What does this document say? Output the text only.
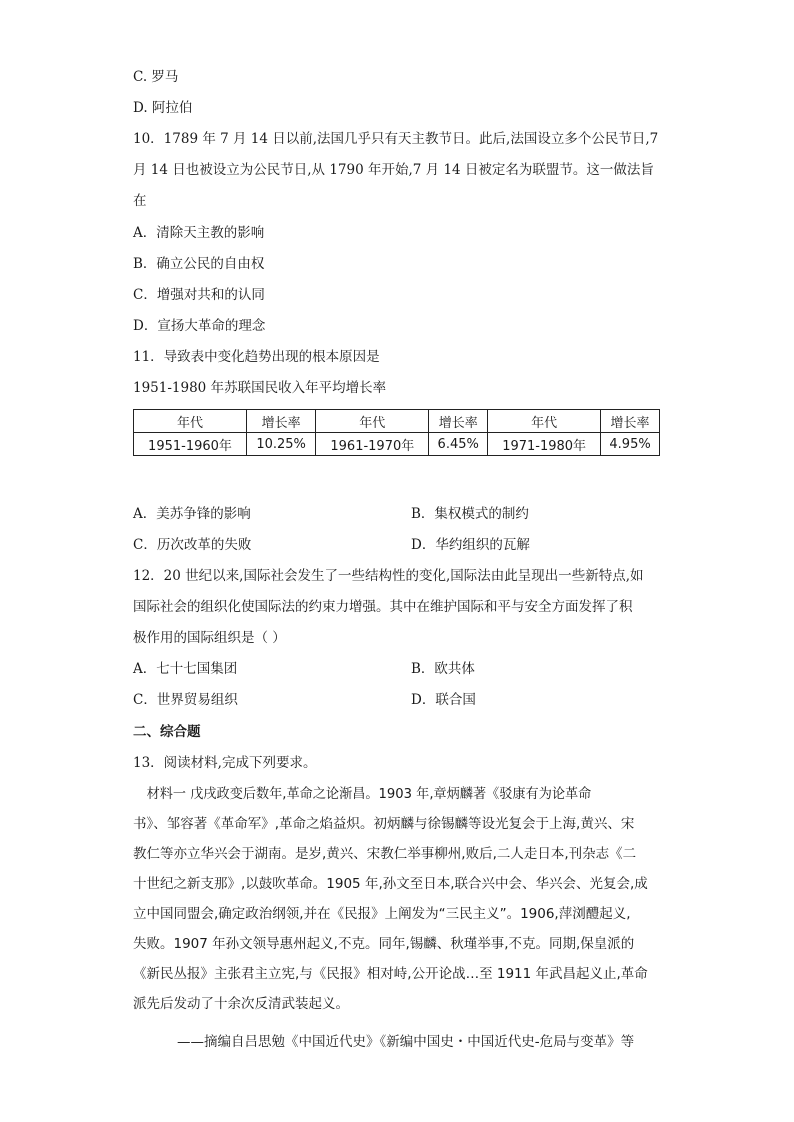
C. 罗马
D. 阿拉伯
10．1789 年 7 月 14 日以前,法国几乎只有天主教节日。此后,法国设立多个公民节日,7
月 14 日也被设立为公民节日,从 1790 年开始,7 月 14 日被定名为联盟节。这一做法旨
在
A．清除天主教的影响
B．确立公民的自由权
C．增强对共和的认同
D．宣扬大革命的理念
11．导致表中变化趋势出现的根本原因是
1951-1980 年苏联国民收入年平均增长率
年代	增长率	年代	增长率	年代	增长率
1951-1960年	10.25%	1961-1970年	6.45%	1971-1980年	4.95%
A．美苏争锋的影响	B．集权模式的制约
C．历次改革的失败	D．华约组织的瓦解
12．20 世纪以来,国际社会发生了一些结构性的变化,国际法由此呈现出一些新特点,如
国际社会的组织化使国际法的约束力增强。其中在维护国际和平与安全方面发挥了积
极作用的国际组织是（ ）
A．七十七国集团	B．欧共体
C．世界贸易组织	D．联合国
二、综合题
13．阅读材料,完成下列要求。
材料一 戊戌政变后数年,革命之论渐昌。1903 年,章炳麟著《驳康有为论革命
书》、邹容著《革命军》,革命之焰益炽。初炳麟与徐锡麟等设光复会于上海,黄兴、宋
教仁等亦立华兴会于湖南。是岁,黄兴、宋教仁举事柳州,败后,二人走日本,刊杂志《二
十世纪之新支那》,以鼓吹革命。1905 年,孙文至日本,联合兴中会、华兴会、光复会,成
立中国同盟会,确定政治纲领,并在《民报》上阐发为“三民主义”。1906,萍浏醴起义,
失败。1907 年孙文领导惠州起义,不克。同年,锡麟、秋瑾举事,不克。同期,保皇派的
《新民丛报》主张君主立宪,与《民报》相对峙,公开论战…至 1911 年武昌起义止,革命
派先后发动了十余次反清武装起义。
——摘编自吕思勉《中国近代史》《新编中国史・中国近代史-危局与变革》等
